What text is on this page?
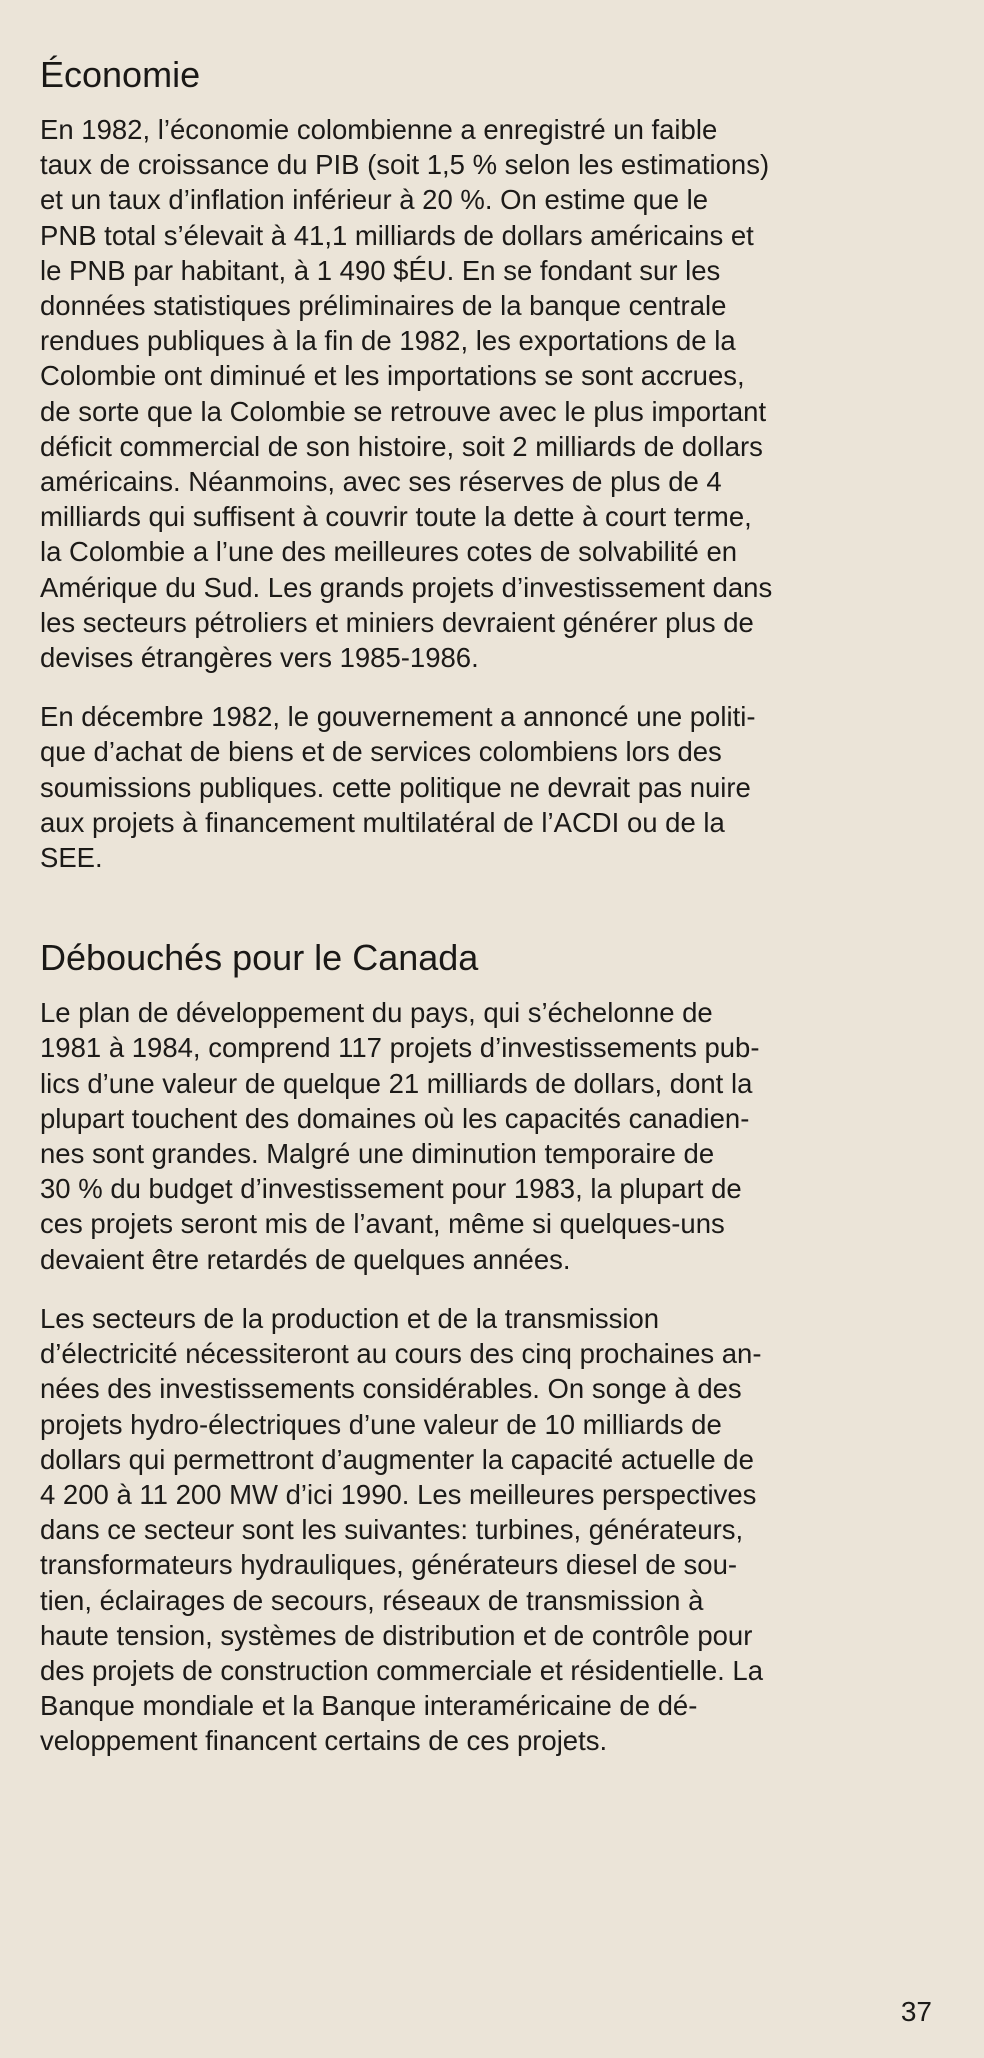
Économie

En 1982, l’économie colombienne a enregistré un faible
taux de croissance du PIB (soit 1,5 % selon les estimations)
et un taux d’inflation inférieur à 20 %. On estime que le
PNB total s’élevait à 41,1 milliards de dollars américains et
le PNB par habitant, à 1 490 $ÉU. En se fondant sur les
données statistiques préliminaires de la banque centrale
rendues publiques à la fin de 1982, les exportations de la
Colombie ont diminué et les importations se sont accrues,
de sorte que la Colombie se retrouve avec le plus important
déficit commercial de son histoire, soit 2 milliards de dollars
américains. Néanmoins, avec ses réserves de plus de 4
milliards qui suffisent à couvrir toute la dette à court terme,
la Colombie a l’une des meilleures cotes de solvabilité en
Amérique du Sud. Les grands projets d’investissement dans
les secteurs pétroliers et miniers devraient générer plus de
devises étrangères vers 1985-1986.

En décembre 1982, le gouvernement a annoncé une politi-
que d’achat de biens et de services colombiens lors des
soumissions publiques. cette politique ne devrait pas nuire
aux projets à financement multilatéral de l’ACDI ou de la
SEE.

Débouchés pour le Canada

Le plan de développement du pays, qui s’échelonne de
1981 à 1984, comprend 117 projets d’investissements pub-
lics d’une valeur de quelque 21 milliards de dollars, dont la
plupart touchent des domaines où les capacités canadien-
nes sont grandes. Malgré une diminution temporaire de
30 % du budget d’investissement pour 1983, la plupart de
ces projets seront mis de l’avant, même si quelques-uns
devaient être retardés de quelques années.

Les secteurs de la production et de la transmission
d’électricité nécessiteront au cours des cinq prochaines an-
nées des investissements considérables. On songe à des
projets hydro-électriques d’une valeur de 10 milliards de
dollars qui permettront d’augmenter la capacité actuelle de
4 200 à 11 200 MW d’ici 1990. Les meilleures perspectives
dans ce secteur sont les suivantes: turbines, générateurs,
transformateurs hydrauliques, générateurs diesel de sou-
tien, éclairages de secours, réseaux de transmission à
haute tension, systèmes de distribution et de contrôle pour
des projets de construction commerciale et résidentielle. La
Banque mondiale et la Banque interaméricaine de dé-
veloppement financent certains de ces projets.

37
